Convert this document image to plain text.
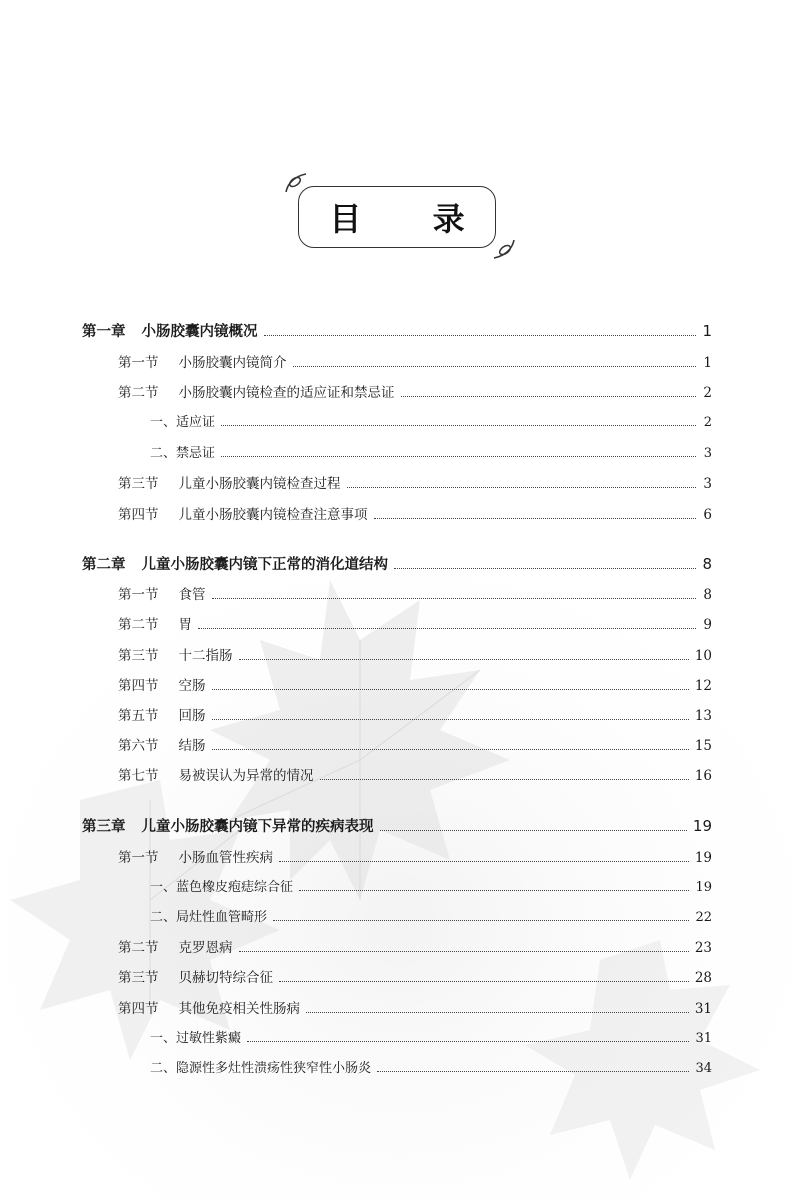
目 录
第一章 小肠胶囊内镜概况	1
第一节 小肠胶囊内镜简介	1
第二节 小肠胶囊内镜检查的适应证和禁忌证	2
一、 适应证	2
二、 禁忌证	3
第三节 儿童小肠胶囊内镜检查过程	3
第四节 儿童小肠胶囊内镜检查注意事项	6
第二章 儿童小肠胶囊内镜下正常的消化道结构	8
第一节 食管	8
第二节 胃	9
第三节 十二指肠	10
第四节 空肠	12
第五节 回肠	13
第六节 结肠	15
第七节 易被误认为异常的情况	16
第三章 儿童小肠胶囊内镜下异常的疾病表现	19
第一节 小肠血管性疾病	19
一、 蓝色橡皮疱痣综合征	19
二、 局灶性血管畸形	22
第二节 克罗恩病	23
第三节 贝赫切特综合征	28
第四节 其他免疫相关性肠病	31
一、 过敏性紫癜	31
二、 隐源性多灶性溃疡性狭窄性小肠炎	34
